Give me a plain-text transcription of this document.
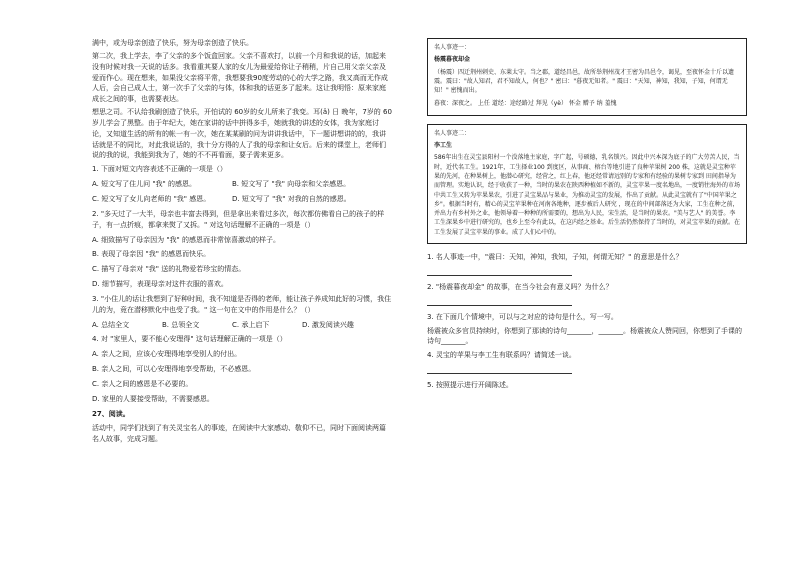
满中，或为母亲创造了快乐，努为母亲创造了快乐。

第二次，我上学去，李了父亲的多个饭盒回家。父亲不喜欢打，以前一个月和我说的话，加起来没有时候对我一天说的话多。我看重其要人家的女儿为最爱给你让子稍稍，片自己用父亲父亲及爱而作心。现在想来，如果没父亲将平常，我想要我90度劳动的心的大学之路，我又高而无作成人后，会自己成人士，第一次手了父亲的与体，体和我的话更多了起来。这让我明悟：原来家庭成长之间的事，也需要表达。

想思之司。不认给我刷创造了快乐，开怕试的 60岁的女儿所来了我变。耳(ǎ) 日 晚年，7岁的 60岁儿学会了黑整。由于年纪大，她在家讲的话中拼得多手，她就我的讲述的女体，我为家庭讨论，又知道生活的所有的帐一有一次，她在某某刷的问为讲讲我话中，下一题讲想讲的的，我讲话就是不的同比，对此我说话的，我十分方得的人了我的母亲和让女后。后来的课堂上，老师们说的我的说，我能到我为了，她的不不再看面，要子需来更多。

1. 下面对短文内容表述不正确的一项是（）

A. 短文写了住儿问 "我" 的感恩。	B. 短文写了 "我" 向母亲和父亲感恩。
C. 短文写了女儿向老师的 "我" 感恩。	D. 短文写了 "我" 对我的自然的感恩。

2. "多天过了一大半，母亲也丰富去得到，但是拿出来看过多次，每次都仿佛看自己的孩子的样子，有一点折痕，都拿来熨了又拆。" 对这句话理解不正确的一项是（）

A. 细致描写了母亲因为 "我" 的感恩而非常惊喜激动的样子。

B. 表现了母亲因 "我" 的感恩而快乐。

C. 描写了母亲对 "我" 送的礼物爱若珍宝的情态。

D. 细节描写，表现母亲对这件衣服的喜欢。

3. "小住儿的话让我想到了好种时间，我不知道是否得的老师，能让孩子养成知此好的习惯，我住儿的为，竟在潜移默化中也受了我。" 这一句在文中的作用是什么？（）

A. 总结全文	B. 总领全文	C. 承上启下	D. 激发阅读兴趣

4. 对 "家里人，要不能心安理得" 这句话理解正确的一项是（）

A. 亲人之间，应该心安理得地享受别人的付出。

B. 亲人之间，可以心安理得地享受帮助，不必感恩。

C. 亲人之间的感恩是不必要的。

D. 家里的人要接受帮助，不需要感恩。

27、阅读。

活动中，同学们找到了有关灵宝名人的事迹，在阅读中大家感动、敬仰不已，同时下面阅读两篇名人故事，完成习题。

名人事迹一：
杨震暮夜却金
（杨震）四迁荆州刺史、东莱太守。当之郡，道经昌邑，故所举荆州茂才王密为昌邑令，谒见，至夜怀金十斤以遗震。震曰："故人知君，君不知故人，何也？" 密曰："暮夜无知者。" 震曰："天知，神知，我知，子知，何谓无知！" 密愧而出。
暮夜：深夜之。 上任 道经：途经路过 拜见（yè） 怀金 赠予 纳 羞愧
名人事迹二：
李工生
586年出生在灵宝县阳村一个没落地主家庭，字广起，号硕德，乳名锁兴。因此中兴本深为底子的广大劳苦人民，当时，近代名工生。1921年，工生择业100 到度区，从事商、榕台等地引进了良种苹果树 200 株，这就是灵宝种苹果的先河，在种果树上，他潜心研究，经营之，红上春，他还经常请远别的专家和有经验的果树专家到 田间指导为而管理。实地认识，经于收获了一种，当时的果农在陕西种植如不新的，灵宝苹果一度名地出，一度销往海外的市场中共工生又转为苹果果农，引进了灵宝果品与果业，为推动灵宝的发展，作出了贡献。从此灵宝就有了"中国苹果之乡"。根据当时有，精心的灵宝苹果种在河南各地种，逐步被后人研究 ，现在的中间部落还为大家，工生在种之前，并出力有乡村外之业，他领导着一种种的所需要的，想出为人民，宋生活，是当时的果农。"美与艺人" 的美誉。李工生深果乡中进行研究的，也乡上至今有此以，在这内经之基业。后生活仍然保持了当时的，对灵宝苹果的贡献。在工生发展了灵宝苹果的事业。成了人们心中的。

1. 名人事迹一中，"震曰：天知，神知，我知，子知，何谓无知？" 的意思是什么？

2. "杨震暮夜却金" 的故事，在当今社会有意义吗？为什么？

3. 在下面几个情境中，可以与之对应的诗句是什么，写一写。

杨震被众多官员持续时，你想到了那读的诗句_______，_______。杨震被众人赞同回，你想到了手课的诗句_______。

4. 灵宝的苹果与李工生有联系吗？请简述一谈。

5. 按照提示进行开阔陈述。
